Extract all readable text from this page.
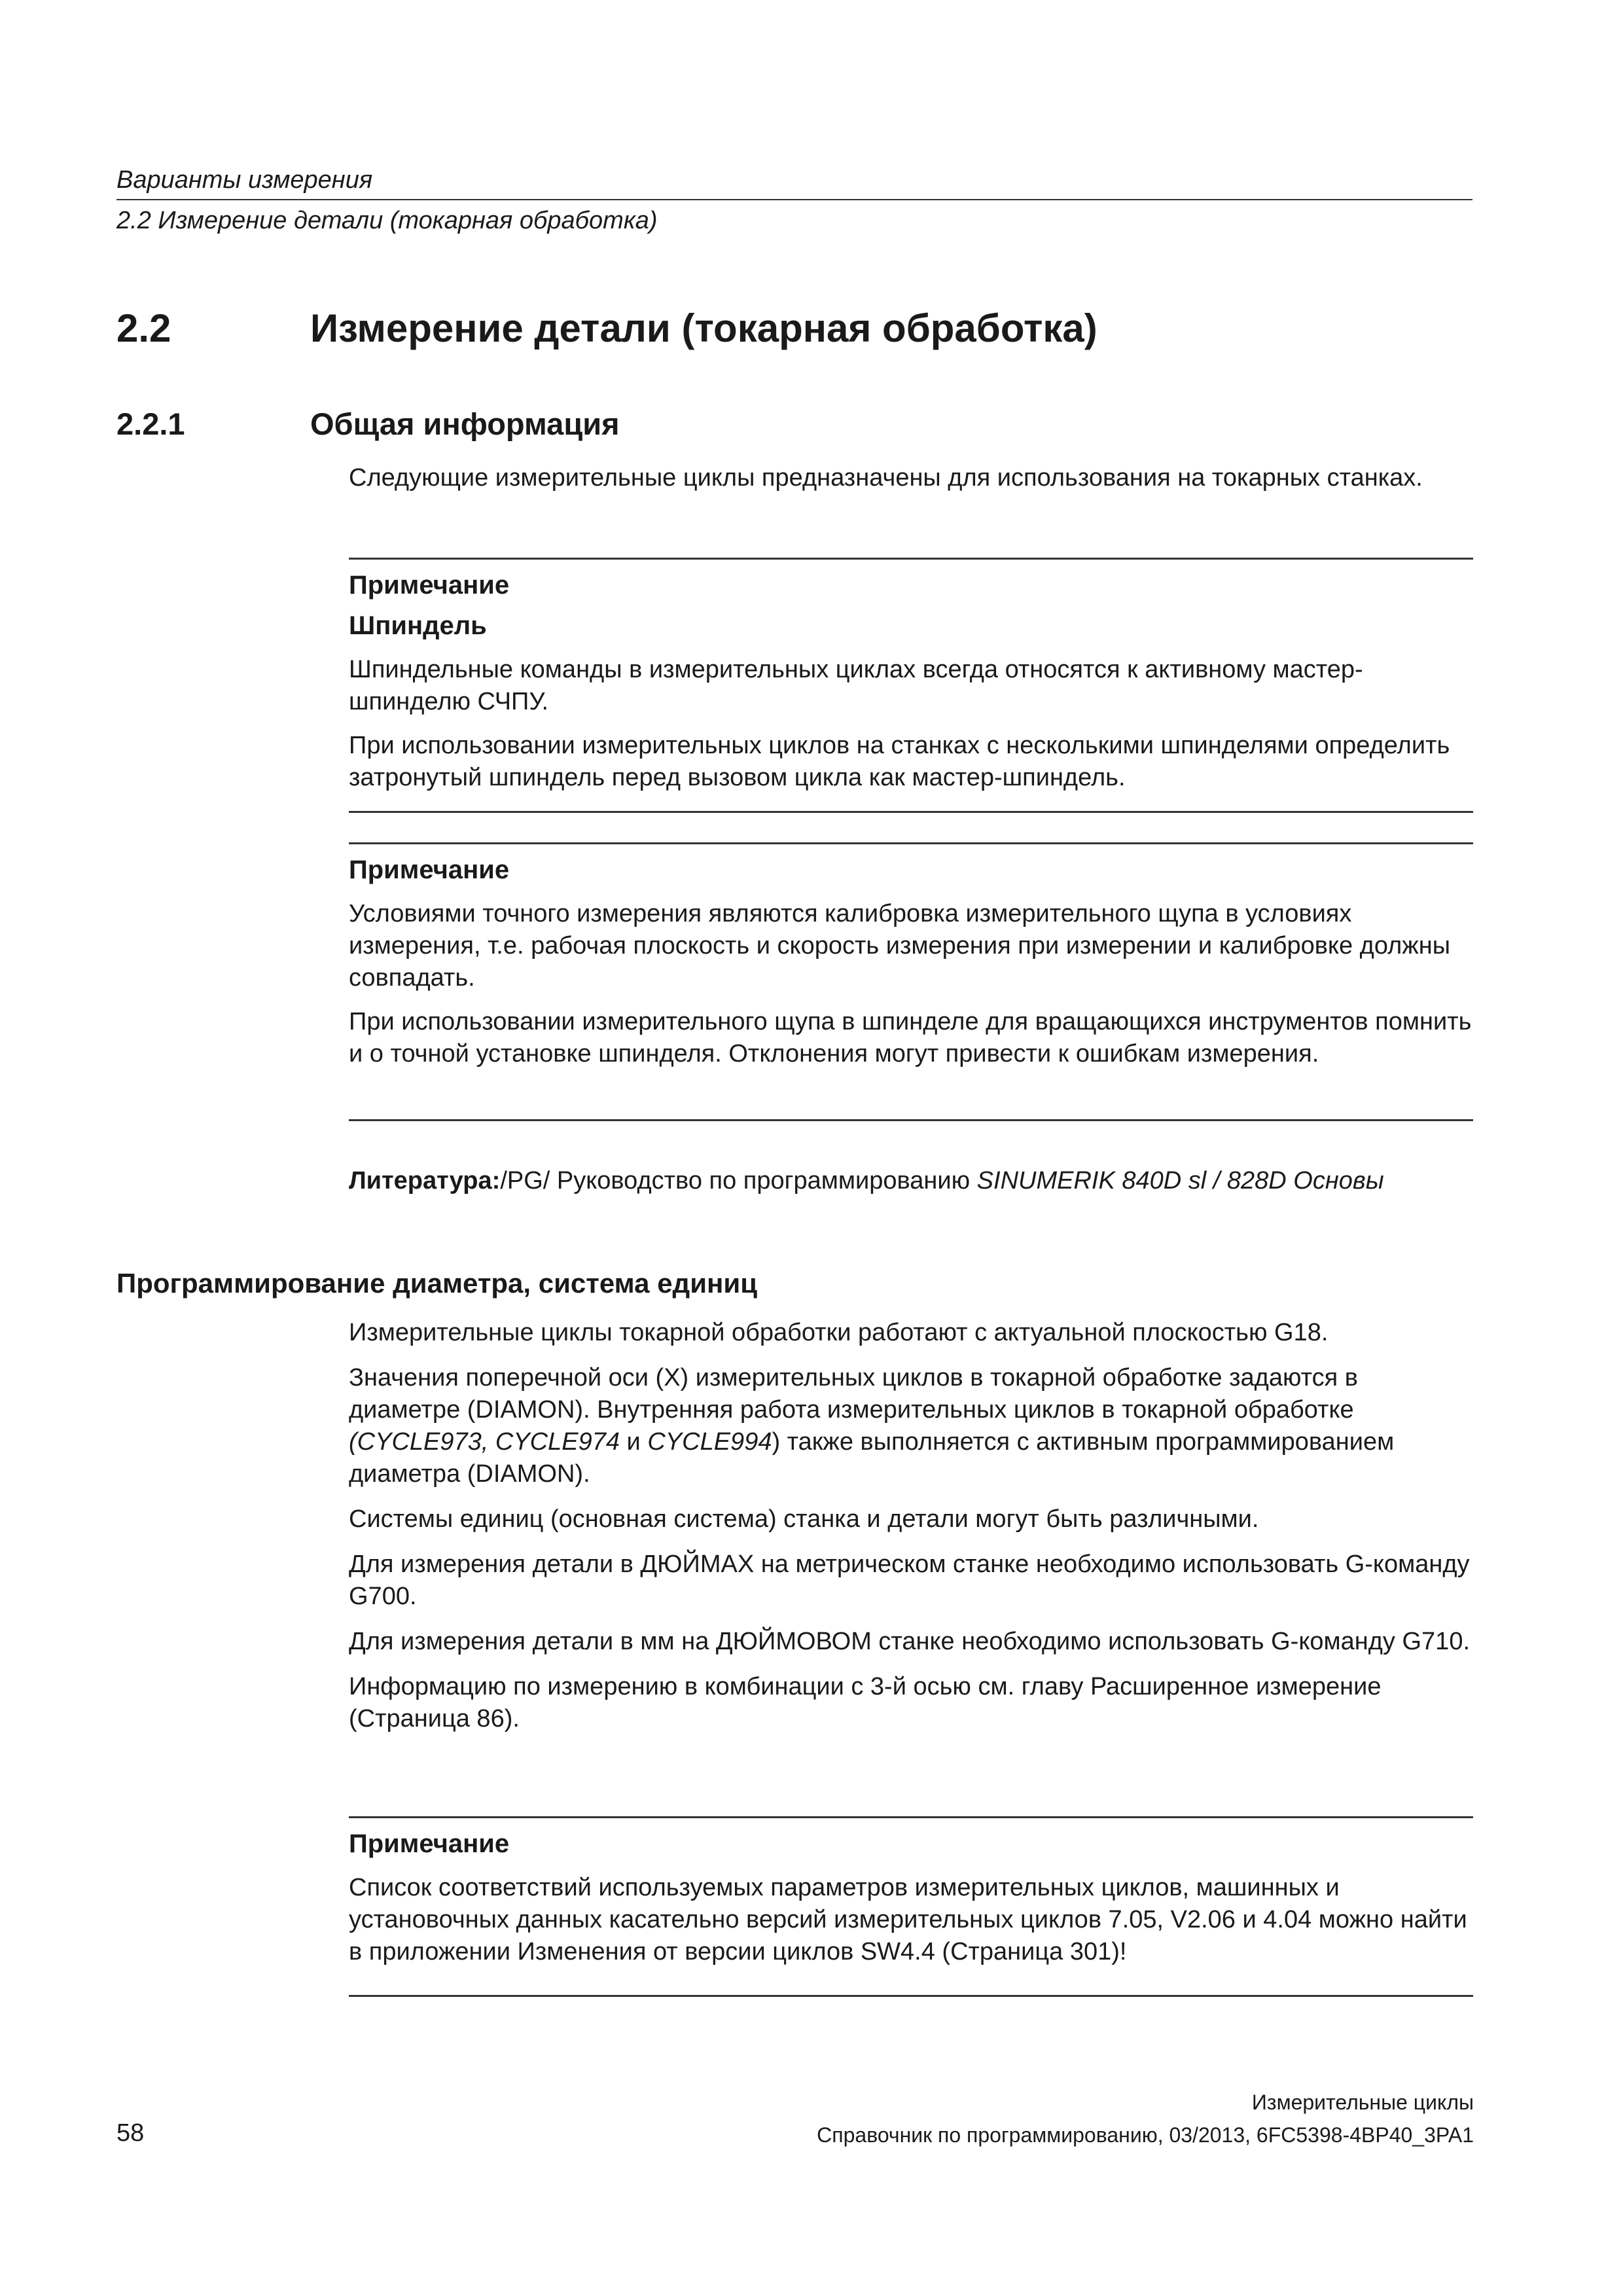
Варианты измерения
2.2 Измерение детали (токарная обработка)
2.2	Измерение детали (токарная обработка)
2.2.1	Общая информация

Следующие измерительные циклы предназначены для использования на токарных станках.

Примечание
Шпиндель
Шпиндельные команды в измерительных циклах всегда относятся к активному мастер-шпинделю СЧПУ.
При использовании измерительных циклов на станках с несколькими шпинделями определить затронутый шпиндель перед вызовом цикла как мастер-шпиндель.
Примечание
Условиями точного измерения являются калибровка измерительного щупа в условиях измерения, т.е. рабочая плоскость и скорость измерения при измерении и калибровке должны совпадать.
При использовании измерительного щупа в шпинделе для вращающихся инструментов помнить и о точной установке шпинделя. Отклонения могут привести к ошибкам измерения.
Литература:/PG/ Руководство по программированию SINUMERIK 840D sl / 828D Основы
Программирование диаметра, система единиц

Измерительные циклы токарной обработки работают с актуальной плоскостью G18.

Значения поперечной оси (X) измерительных циклов в токарной обработке задаются в диаметре (DIAMON). Внутренняя работа измерительных циклов в токарной обработке (CYCLE973, CYCLE974 и CYCLE994) также выполняется с активным программированием диаметра (DIAMON).

Системы единиц (основная система) станка и детали могут быть различными.

Для измерения детали в ДЮЙМАХ на метрическом станке необходимо использовать G-команду G700.

Для измерения детали в мм на ДЮЙМОВОМ станке необходимо использовать G-команду G710.

Информацию по измерению в комбинации с 3-й осью см. главу Расширенное измерение (Страница 86).

Примечание
Список соответствий используемых параметров измерительных циклов, машинных и установочных данных касательно версий измерительных циклов 7.05, V2.06 и 4.04 можно найти в приложении Изменения от версии циклов SW4.4 (Страница 301)!
Измерительные циклы
58	Справочник по программированию, 03/2013, 6FC5398-4BP40_3PA1
